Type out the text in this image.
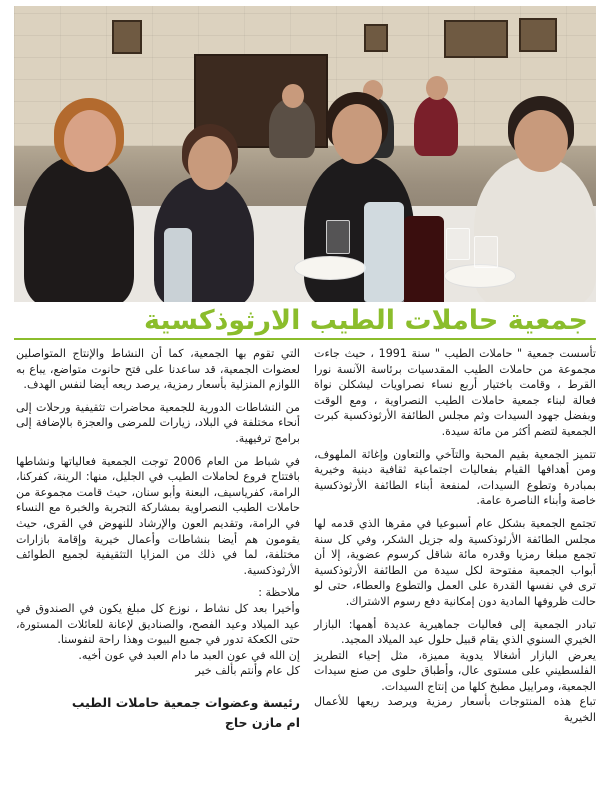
جمعية حاملات الطيب الارثوذكسية

تأسست جمعية " حاملات الطيب " سنة 1991 ، حيث جاءت مجموعة من حاملات الطيب المقدسيات برئاسة الآنسة نورا القرط ، وقامت باختيار أربع نساء نصراويات ليشكلن نواة فعالة لبناء جمعية حاملات الطيب النصراوية ، ومع الوقت وبفضل جهود السيدات وثم مجلس الطائفة الأرثوذكسية كبرت الجمعية لتضم أكثر من مائة سيدة.

تتميز الجمعية بقيم المحبة والتآخي والتعاون وإغاثة الملهوف، ومن أهدافها القيام بفعاليات اجتماعية ثقافية دينية وخيرية بمبادرة وتطوع السيدات، لمنفعة أبناء الطائفة الأرثوذكسية خاصة وأبناء الناصرة عامة.

تجتمع الجمعية بشكل عام أسبوعيا في مقرها الذي قدمه لها مجلس الطائفة الأرثوذكسية وله جزيل الشكر، وفي كل سنة تجمع مبلغا رمزيا وقدره مائة شاقل كرسوم عضوية، إلا أن أبواب الجمعية مفتوحة لكل سيدة من الطائفة الأرثوذكسية ترى في نفسها القدرة على العمل والتطوع والعطاء، حتى لو حالت ظروفها المادية دون إمكانية دفع رسوم الاشتراك.

تبادر الجمعية إلى فعاليات جماهيرية عديدة أهمها: البازار الخيري السنوي الذي يقام قبيل حلول عيد الميلاد المجيد.

يعرض البازار أشغالا يدوية مميزة، مثل إحياء التطريز الفلسطيني على مستوى عال، وأطباق حلوى من صنع سيدات الجمعية، ومراييل مطبخ كلها من إنتاج السيدات.

تباع هذه المنتوجات بأسعار رمزية ويرصد ريعها للأعمال الخيرية

التي تقوم بها الجمعية، كما أن النشاط والإنتاج المتواصلين لعضوات الجمعية، قد ساعدنا على فتح حانوت متواضع، يباع به اللوازم المنزلية بأسعار رمزية، يرصد ريعه أيضا لنفس الهدف.

من النشاطات الدورية للجمعية محاضرات تثقيفية ورحلات إلى أنحاء مختلفة في البلاد، زيارات للمرضى والعجزة بالإضافة إلى برامج ترفيهية.

في شباط من العام 2006 توجت الجمعية فعالياتها ونشاطها بافتتاح فروع لحاملات الطيب في الجليل، منها: الرينة، كفركنا، الرامة، كفرياسيف، البعنة وأبو سنان، حيث قامت مجموعة من حاملات الطيب النصراوية بمشاركة التجربة والخبرة مع النساء في الرامة، وتقديم العون والإرشاد للنهوض في القرى، حيث يقومون هم أيضا بنشاطات وأعمال خيرية وإقامة بازارات مختلفة، لما في ذلك من المزايا التثقيفية لجميع الطوائف الأرثوذكسية.

ملاحظة :

وأخيرا بعد كل نشاط ، نوزع كل مبلغ يكون في الصندوق في عيد الميلاد وعيد الفصح، والصناديق لإعانة للعائلات المستورة، حتى الكعكة تدور في جميع البيوت وهذا راحة لنفوسنا.

إن الله في عون العبد ما دام العبد في عون أخيه.

كل عام وأنتم بألف خير

رئيسة وعضوات جمعية حاملات الطيب

ام مازن حاج
